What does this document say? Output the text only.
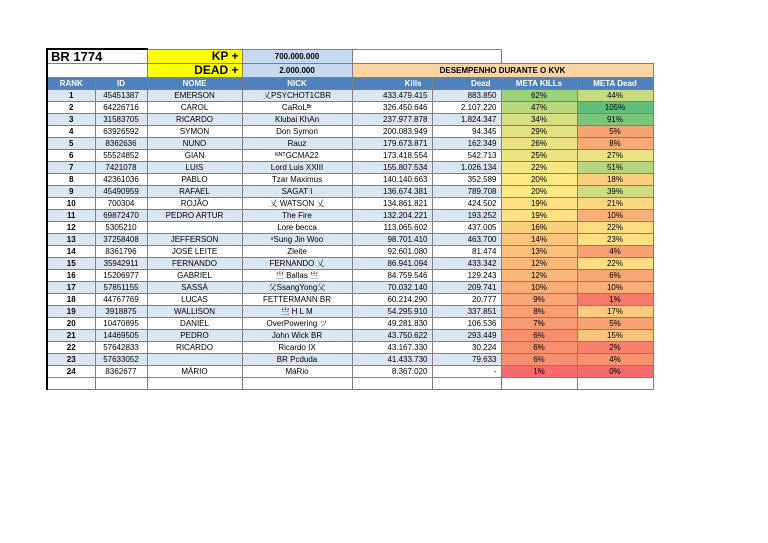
BR 1774		KP +	700.000.000				
		DEAD +	2.000.000	DESEMPENHO DURANTE O KVK			
RANK	ID	NOME	NICK	Kills	Dead	META KILLs	META Dead
1	45451387	EMERSON	乂PSYCHOT1CBR	433.479.415	883.850	62%	44%
2	64226716	CAROL	CaRoLᴮʳ	326.450.646	2.107.220	47%	105%
3	31583705	RICARDO	Klubai KhAn	237.977.878	1.824.347	34%	91%
4	63926592	SYMON	Don Symon	200.083.949	94.345	29%	5%
5	8362636	NUNO	Rauz	179.673.871	162.349	26%	8%
6	55524852	GIAN	ᴷᴺᵀGCMA22	173.418.554	542.713	25%	27%
7	7421078	LUIS	Lord Luis XXIII	155.807.534	1.026.134	22%	51%
8	42361036	PABLO	Tzar Maximus	140.140.663	352.589	20%	18%
9	45490959	RAFAEL	SAGAT I	136.674.381	789.708	20%	39%
10	700304	ROJÃO	乂 WATSON 乂	134.861.821	424.502	19%	21%
11	69872470	PEDRO ARTUR	The Fire	132.204.221	193.252	19%	10%
12	5305210		Lore becca	113.065.602	437.005	16%	22%
13	37258408	JEFFERSON	ˢSung Jin Woo	98.701.410	463.700	14%	23%
14	8361796	JOSÉ LEITE	Zleite	92.601.080	81.474	13%	4%
15	35942911	FERNANDO	FERNANDO 乂	86.941.094	433.342	12%	22%
16	15206977	GABRIEL	亗 Ballas 亗	84.759.546	129.243	12%	6%
17	57851155	SASSÁ	父SsangYong父	70.032.140	209.741	10%	10%
18	44767769	LUCAS	FETTERMANN BR	60.214.290	20.777	9%	1%
19	3918875	WALLISON	亗 H L M	54.295.910	337.851	8%	17%
20	10470895	DANIEL	OverPowering ツ	49.281.830	106.536	7%	5%
21	14469505	PEDRO	John Wick BR	43.750.622	293.449	6%	15%
22	57642833	RICARDO	Ricardo IX	43.167.330	30.224	6%	2%
23	57633052		BR Pcduda	41.433.730	79.633	6%	4%
24	8362677	MÁRIO	MáRio	8.367.020	-	1%	0%
